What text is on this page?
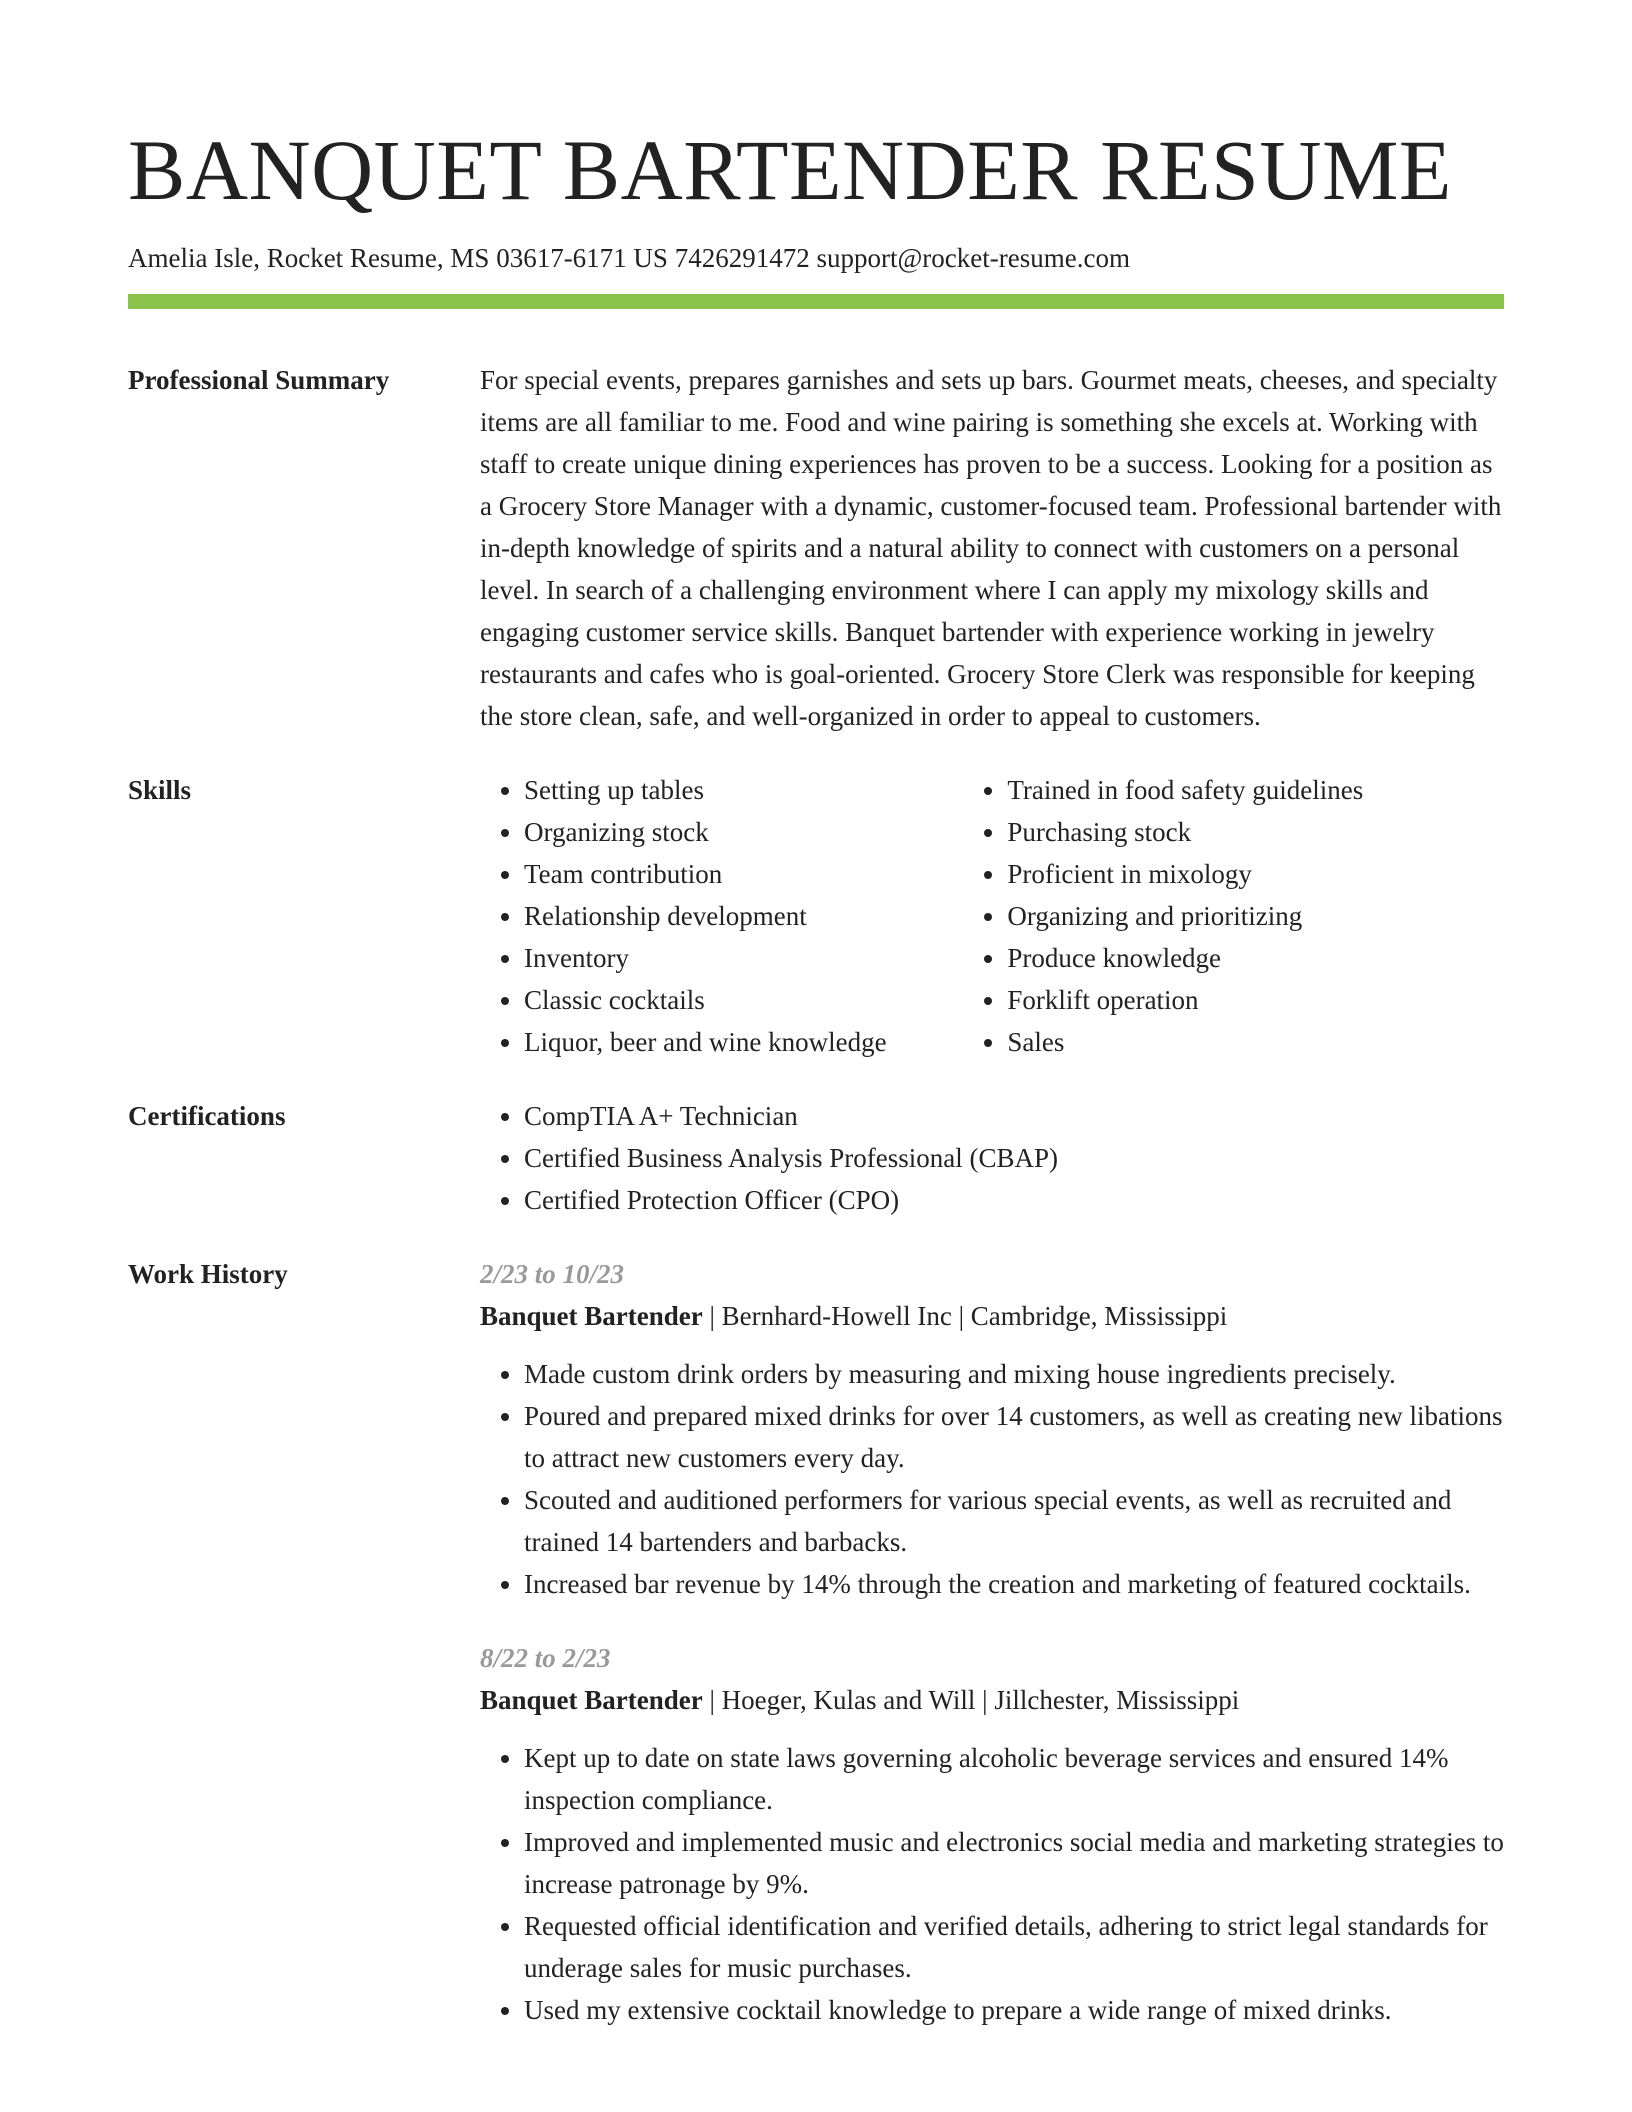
BANQUET BARTENDER RESUME
Amelia Isle, Rocket Resume, MS 03617-6171 US 7426291472 support@rocket-resume.com
Professional Summary	For special events, prepares garnishes and sets up bars. Gourmet meats, cheeses, and specialty items are all familiar to me. Food and wine pairing is something she excels at. Working with staff to create unique dining experiences has proven to be a success. Looking for a position as a Grocery Store Manager with a dynamic, customer-focused team. Professional bartender with in-depth knowledge of spirits and a natural ability to connect with customers on a personal level. In search of a challenging environment where I can apply my mixology skills and engaging customer service skills. Banquet bartender with experience working in jewelry restaurants and cafes who is goal-oriented. Grocery Store Clerk was responsible for keeping the store clean, safe, and well-organized in order to appeal to customers.

Skills	• Setting up tables
• Organizing stock
• Team contribution
• Relationship development
• Inventory
• Classic cocktails
• Liquor, beer and wine knowledge
• Trained in food safety guidelines
• Purchasing stock
• Proficient in mixology
• Organizing and prioritizing
• Produce knowledge
• Forklift operation
• Sales
Certifications	• CompTIA A+ Technician
• Certified Business Analysis Professional (CBAP)
• Certified Protection Officer (CPO)
Work History	2/23 to 10/23
Banquet Bartender | Bernhard-Howell Inc | Cambridge, Mississippi
• Made custom drink orders by measuring and mixing house ingredients precisely.
• Poured and prepared mixed drinks for over 14 customers, as well as creating new libations to attract new customers every day.
• Scouted and auditioned performers for various special events, as well as recruited and trained 14 bartenders and barbacks.
• Increased bar revenue by 14% through the creation and marketing of featured cocktails.
8/22 to 2/23
Banquet Bartender | Hoeger, Kulas and Will | Jillchester, Mississippi
• Kept up to date on state laws governing alcoholic beverage services and ensured 14% inspection compliance.
• Improved and implemented music and electronics social media and marketing strategies to increase patronage by 9%.
• Requested official identification and verified details, adhering to strict legal standards for underage sales for music purchases.
• Used my extensive cocktail knowledge to prepare a wide range of mixed drinks.
